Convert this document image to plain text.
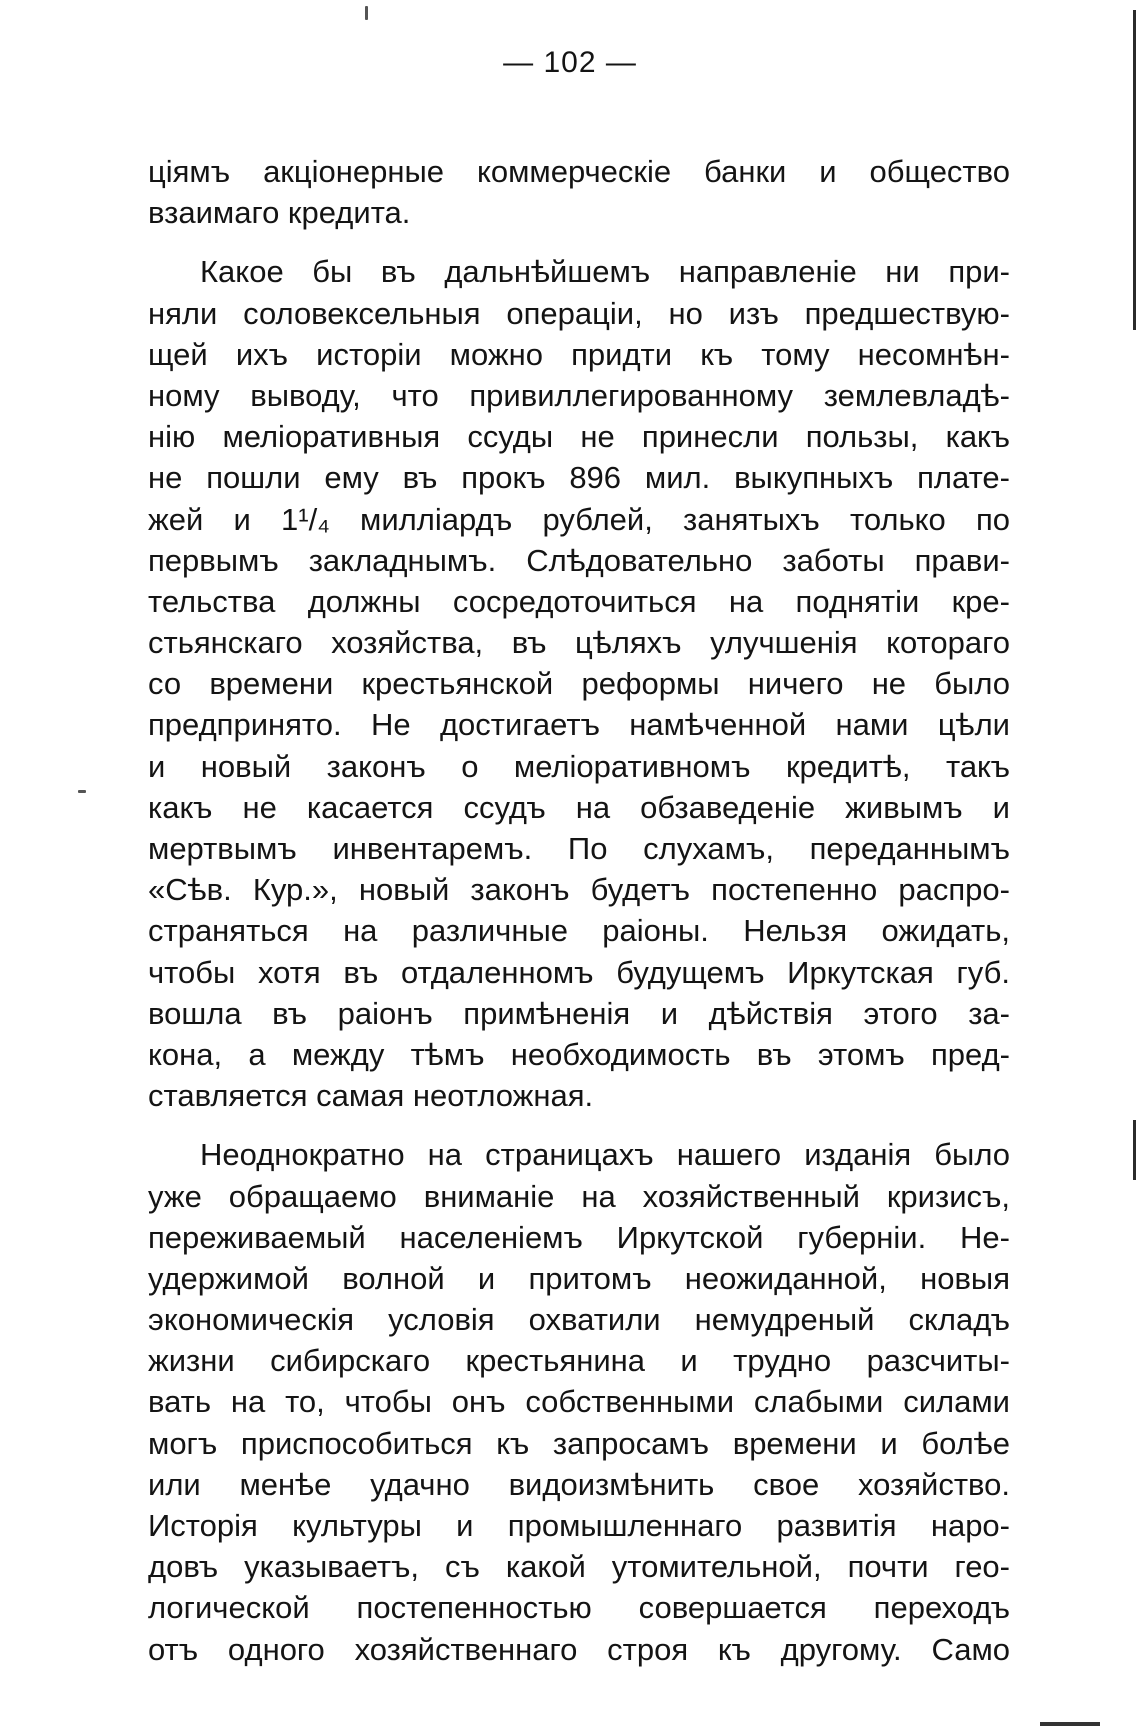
— 102 —
ціямъ акціонерные коммерческіе банки и общество
взаимаго кредита.
Какое бы въ дальнѣйшемъ направленіе ни при-
няли соловексельныя операціи, но изъ предшествую-
щей ихъ исторіи можно придти къ тому несомнѣн-
ному выводу, что привиллегированному землевладѣ-
нію меліоративныя ссуды не принесли пользы, какъ
не пошли ему въ прокъ 896 мил. выкупныхъ плате-
жей и 1¹/₄ милліардъ рублей, занятыхъ только по
первымъ закладнымъ. Слѣдовательно заботы прави-
тельства должны сосредоточиться на поднятіи кре-
стьянскаго хозяйства, въ цѣляхъ улучшенія котораго
со времени крестьянской реформы ничего не было
предпринято. Не достигаетъ намѣченной нами цѣли
и новый законъ о меліоративномъ кредитѣ, такъ
какъ не касается ссудъ на обзаведеніе живымъ и
мертвымъ инвентаремъ. По слухамъ, переданнымъ
«Сѣв. Кур.», новый законъ будетъ постепенно распро-
страняться на различные раіоны. Нельзя ожидать,
чтобы хотя въ отдаленномъ будущемъ Иркутская губ.
вошла въ раіонъ примѣненія и дѣйствія этого за-
кона, а между тѣмъ необходимость въ этомъ пред-
ставляется самая неотложная.
Неоднократно на страницахъ нашего изданія было
уже обращаемо вниманіе на хозяйственный кризисъ,
переживаемый населеніемъ Иркутской губерніи. Не-
удержимой волной и притомъ неожиданной, новыя
экономическія условія охватили немудреный складъ
жизни сибирскаго крестьянина и трудно разсчиты-
вать на то, чтобы онъ собственными слабыми силами
могъ приспособиться къ запросамъ времени и болѣе
или менѣе удачно видоизмѣнить свое хозяйство.
Исторія культуры и промышленнаго развитія наро-
довъ указываетъ, съ какой утомительной, почти гео-
логической постепенностью совершается переходъ
отъ одного хозяйственнаго строя къ другому. Само
